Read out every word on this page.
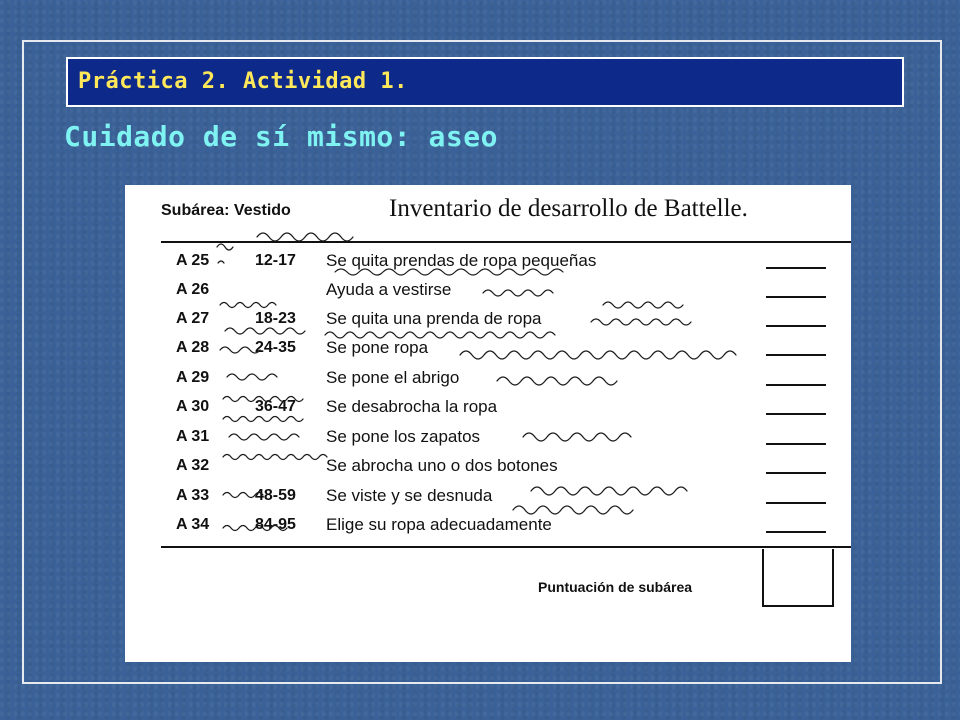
Práctica 2. Actividad 1.
Cuidado de sí mismo: aseo
Subárea: Vestido	Inventario de desarrollo de Battelle.
A 25	12-17 Se quita prendas de ropa pequeñas
A 26	Ayuda a vestirse
A 27	18-23 Se quita una prenda de ropa
A 28	24-35 Se pone ropa
A 29	Se pone el abrigo
A 30	36-47 Se desabrocha la ropa
A 31	Se pone los zapatos
A 32	Se abrocha uno o dos botones
A 33	48-59 Se viste y se desnuda
A 34	84-95 Elige su ropa adecuadamente
Puntuación de subárea
